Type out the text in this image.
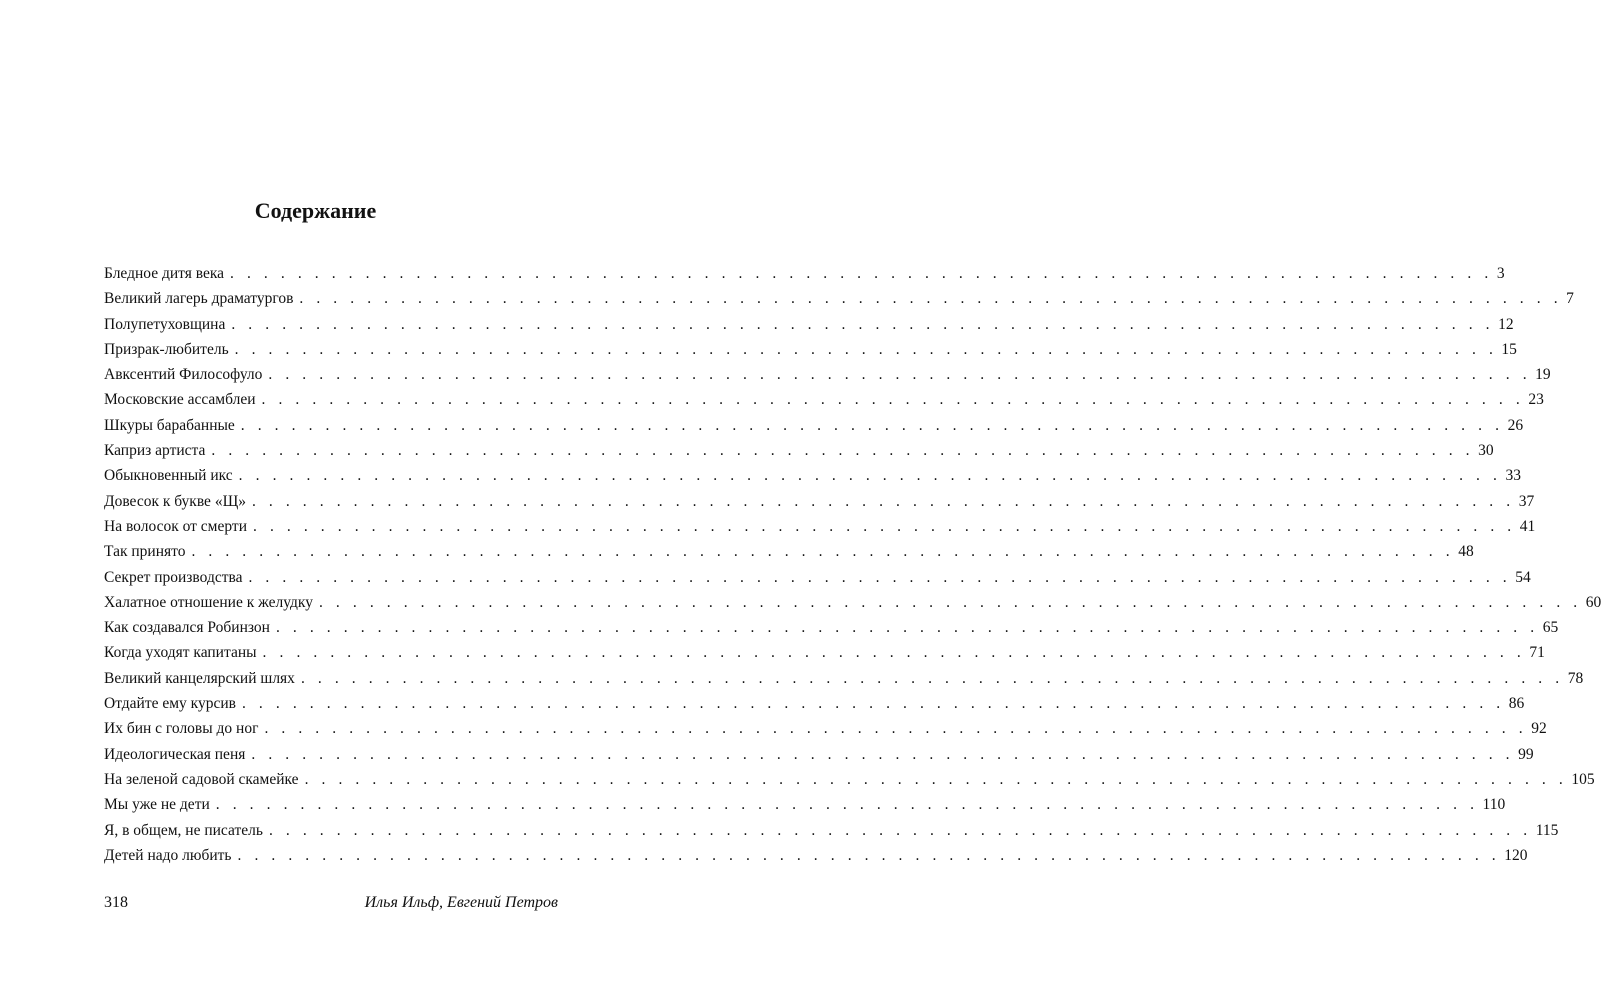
Содержание
Бледное дитя века . . . . . . . . . . . . . . . . . . . . . . . . . . . . . . . . . . . . . . . . . . . . . . . . . . . . . . . . . . . . . . . . . . . . . . . . . . . 3
Великий лагерь драматургов . . . . . . . . . . . . . . . . . . . . . . . . . . . . . . . . . . . . . . . . . . . . . . . . . . . . . . . . . . . . . . . . . . . . . . . . . . . 7
Полупетуховщина . . . . . . . . . . . . . . . . . . . . . . . . . . . . . . . . . . . . . . . . . . . . . . . . . . . . . . . . . . . . . . . . . . . . . . . . . . . 12
Призрак-любитель . . . . . . . . . . . . . . . . . . . . . . . . . . . . . . . . . . . . . . . . . . . . . . . . . . . . . . . . . . . . . . . . . . . . . . . . . . . 15
Авксентий Философуло . . . . . . . . . . . . . . . . . . . . . . . . . . . . . . . . . . . . . . . . . . . . . . . . . . . . . . . . . . . . . . . . . . . . . . . . . . . 19
Московские ассамблеи . . . . . . . . . . . . . . . . . . . . . . . . . . . . . . . . . . . . . . . . . . . . . . . . . . . . . . . . . . . . . . . . . . . . . . . . . . . 23
Шкуры барабанные . . . . . . . . . . . . . . . . . . . . . . . . . . . . . . . . . . . . . . . . . . . . . . . . . . . . . . . . . . . . . . . . . . . . . . . . . . . 26
Каприз артиста . . . . . . . . . . . . . . . . . . . . . . . . . . . . . . . . . . . . . . . . . . . . . . . . . . . . . . . . . . . . . . . . . . . . . . . . . . . 30
Обыкновенный икс . . . . . . . . . . . . . . . . . . . . . . . . . . . . . . . . . . . . . . . . . . . . . . . . . . . . . . . . . . . . . . . . . . . . . . . . . . . 33
Довесок к букве «Щ» . . . . . . . . . . . . . . . . . . . . . . . . . . . . . . . . . . . . . . . . . . . . . . . . . . . . . . . . . . . . . . . . . . . . . . . . . . . 37
На волосок от смерти . . . . . . . . . . . . . . . . . . . . . . . . . . . . . . . . . . . . . . . . . . . . . . . . . . . . . . . . . . . . . . . . . . . . . . . . . . . 41
Так принято . . . . . . . . . . . . . . . . . . . . . . . . . . . . . . . . . . . . . . . . . . . . . . . . . . . . . . . . . . . . . . . . . . . . . . . . . . . 48
Секрет производства . . . . . . . . . . . . . . . . . . . . . . . . . . . . . . . . . . . . . . . . . . . . . . . . . . . . . . . . . . . . . . . . . . . . . . . . . . . 54
Халатное отношение к желудку . . . . . . . . . . . . . . . . . . . . . . . . . . . . . . . . . . . . . . . . . . . . . . . . . . . . . . . . . . . . . . . . . . . . . . . . . . . 60
Как создавался Робинзон . . . . . . . . . . . . . . . . . . . . . . . . . . . . . . . . . . . . . . . . . . . . . . . . . . . . . . . . . . . . . . . . . . . . . . . . . . . 65
Когда уходят капитаны . . . . . . . . . . . . . . . . . . . . . . . . . . . . . . . . . . . . . . . . . . . . . . . . . . . . . . . . . . . . . . . . . . . . . . . . . . . 71
Великий канцелярский шлях . . . . . . . . . . . . . . . . . . . . . . . . . . . . . . . . . . . . . . . . . . . . . . . . . . . . . . . . . . . . . . . . . . . . . . . . . . . 78
Отдайте ему курсив . . . . . . . . . . . . . . . . . . . . . . . . . . . . . . . . . . . . . . . . . . . . . . . . . . . . . . . . . . . . . . . . . . . . . . . . . . . 86
Их бин с головы до ног . . . . . . . . . . . . . . . . . . . . . . . . . . . . . . . . . . . . . . . . . . . . . . . . . . . . . . . . . . . . . . . . . . . . . . . . . . . 92
Идеологическая пеня . . . . . . . . . . . . . . . . . . . . . . . . . . . . . . . . . . . . . . . . . . . . . . . . . . . . . . . . . . . . . . . . . . . . . . . . . . . 99
На зеленой садовой скамейке . . . . . . . . . . . . . . . . . . . . . . . . . . . . . . . . . . . . . . . . . . . . . . . . . . . . . . . . . . . . . . . . . . . . . . . . . . . 105
Мы уже не дети . . . . . . . . . . . . . . . . . . . . . . . . . . . . . . . . . . . . . . . . . . . . . . . . . . . . . . . . . . . . . . . . . . . . . . . . . . . 110
Я, в общем, не писатель . . . . . . . . . . . . . . . . . . . . . . . . . . . . . . . . . . . . . . . . . . . . . . . . . . . . . . . . . . . . . . . . . . . . . . . . . . . 115
Детей надо любить . . . . . . . . . . . . . . . . . . . . . . . . . . . . . . . . . . . . . . . . . . . . . . . . . . . . . . . . . . . . . . . . . . . . . . . . . . . 120
318	Илья Ильф, Евгений Петров
